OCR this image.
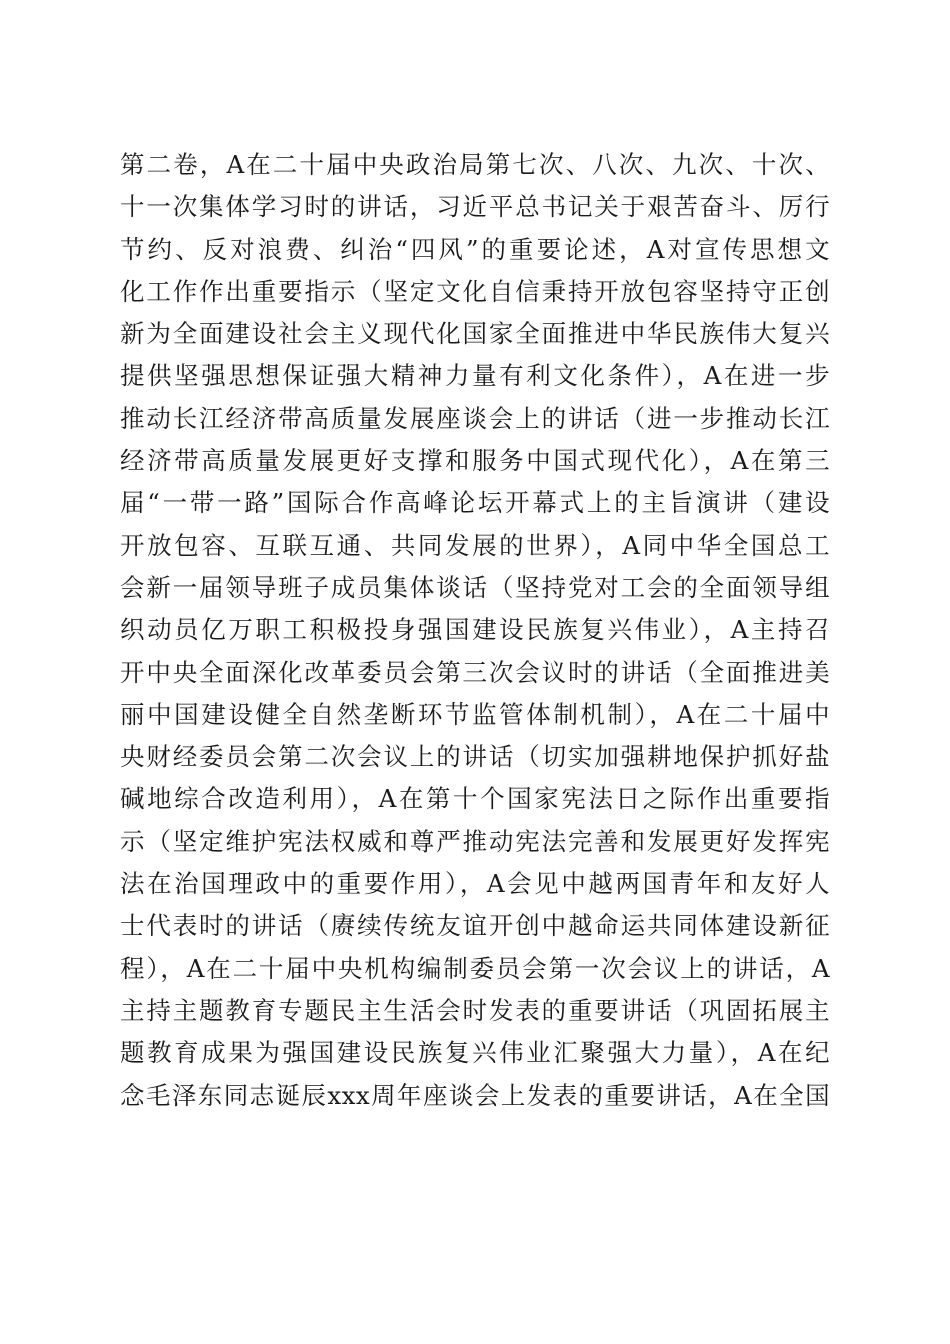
第二卷，A在二十届中央政治局第七次、八次、九次、十次、
十一次集体学习时的讲话，习近平总书记关于艰苦奋斗、厉行
节约、反对浪费、纠治“四风”的重要论述，A对宣传思想文
化工作作出重要指示（坚定文化自信秉持开放包容坚持守正创
新为全面建设社会主义现代化国家全面推进中华民族伟大复兴
提供坚强思想保证强大精神力量有利文化条件），A在进一步
推动长江经济带高质量发展座谈会上的讲话（进一步推动长江
经济带高质量发展更好支撑和服务中国式现代化），A在第三
届“一带一路”国际合作高峰论坛开幕式上的主旨演讲（建设
开放包容、互联互通、共同发展的世界），A同中华全国总工
会新一届领导班子成员集体谈话（坚持党对工会的全面领导组
织动员亿万职工积极投身强国建设民族复兴伟业），A主持召
开中央全面深化改革委员会第三次会议时的讲话（全面推进美
丽中国建设健全自然垄断环节监管体制机制），A在二十届中
央财经委员会第二次会议上的讲话（切实加强耕地保护抓好盐
碱地综合改造利用），A在第十个国家宪法日之际作出重要指
示（坚定维护宪法权威和尊严推动宪法完善和发展更好发挥宪
法在治国理政中的重要作用），A会见中越两国青年和友好人
士代表时的讲话（赓续传统友谊开创中越命运共同体建设新征
程），A在二十届中央机构编制委员会第一次会议上的讲话，A
主持主题教育专题民主生活会时发表的重要讲话（巩固拓展主
题教育成果为强国建设民族复兴伟业汇聚强大力量），A在纪
念毛泽东同志诞辰xxx周年座谈会上发表的重要讲话，A在全国
